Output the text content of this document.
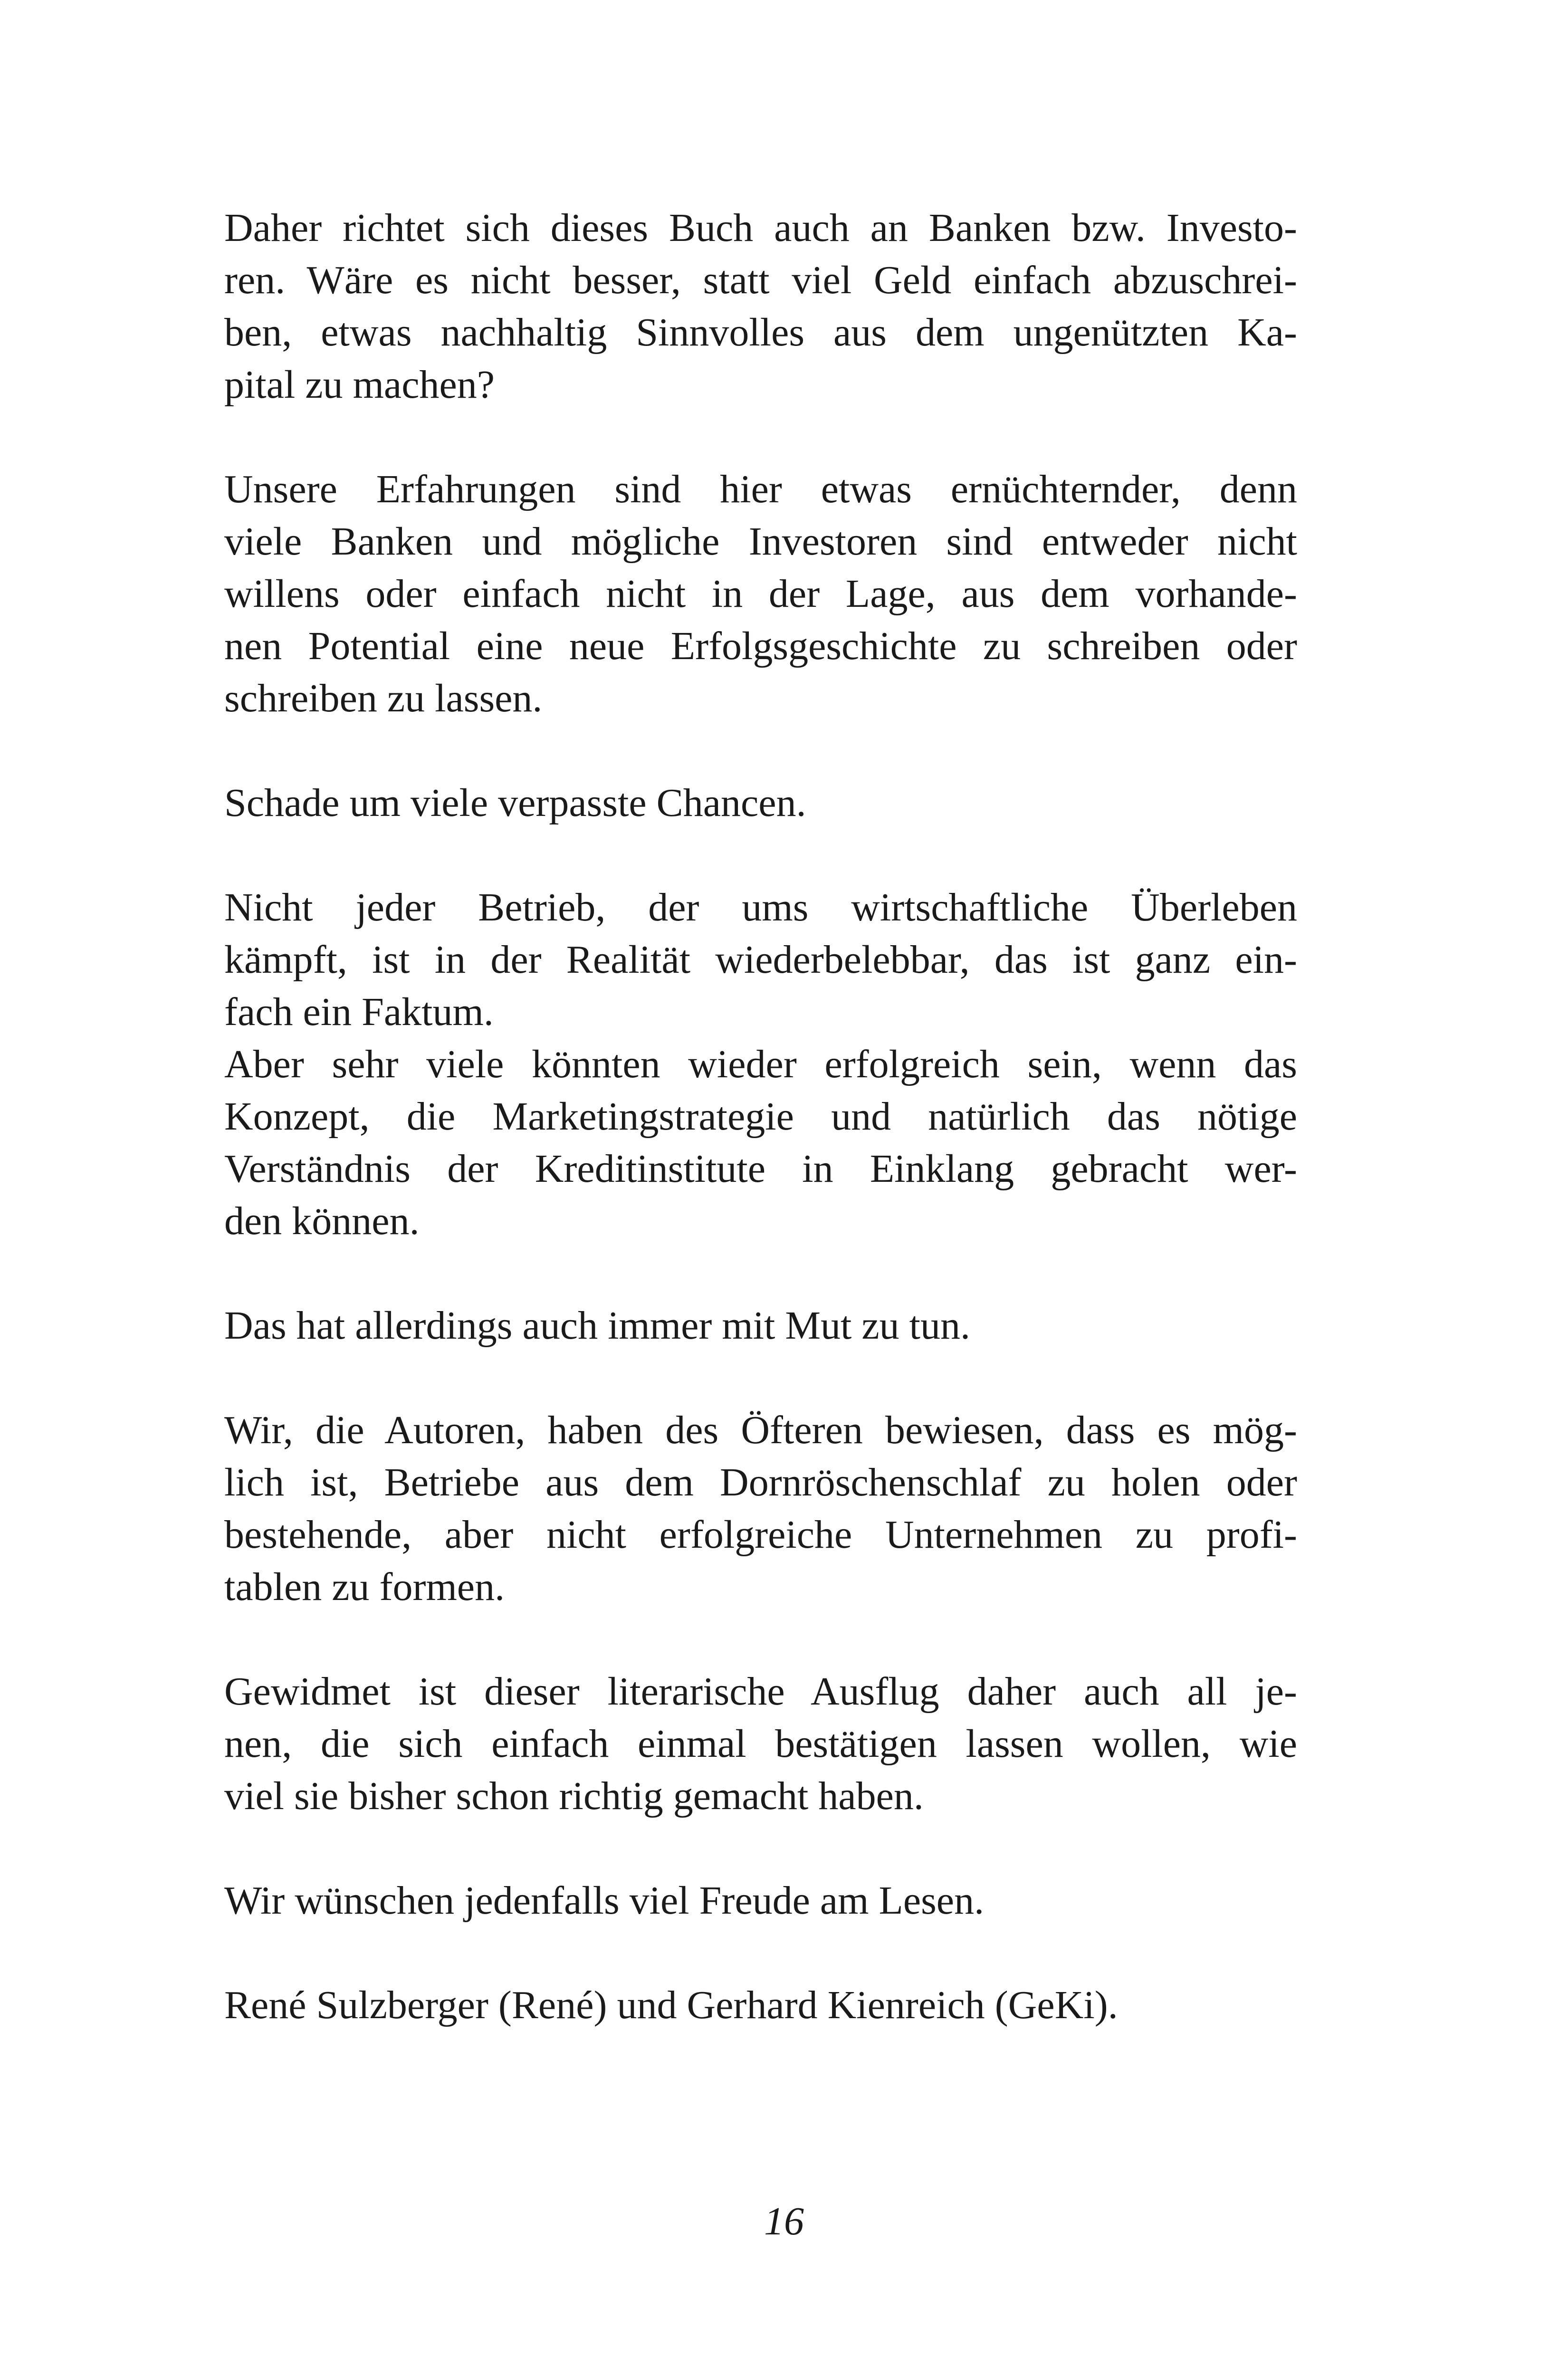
Daher richtet sich dieses Buch auch an Banken bzw. Investo-
ren. Wäre es nicht besser, statt viel Geld einfach abzuschrei-
ben, etwas nachhaltig Sinnvolles aus dem ungenützten Ka-
pital zu machen?
Unsere Erfahrungen sind hier etwas ernüchternder, denn
viele Banken und mögliche Investoren sind entweder nicht
willens oder einfach nicht in der Lage, aus dem vorhande-
nen Potential eine neue Erfolgsgeschichte zu schreiben oder
schreiben zu lassen.
Schade um viele verpasste Chancen.
Nicht jeder Betrieb, der ums wirtschaftliche Überleben
kämpft, ist in der Realität wiederbelebbar, das ist ganz ein-
fach ein Faktum.
Aber sehr viele könnten wieder erfolgreich sein, wenn das
Konzept, die Marketingstrategie und natürlich das nötige
Verständnis der Kreditinstitute in Einklang gebracht wer-
den können.
Das hat allerdings auch immer mit Mut zu tun.
Wir, die Autoren, haben des Öfteren bewiesen, dass es mög-
lich ist, Betriebe aus dem Dornröschenschlaf zu holen oder
bestehende, aber nicht erfolgreiche Unternehmen zu profi-
tablen zu formen.
Gewidmet ist dieser literarische Ausflug daher auch all je-
nen, die sich einfach einmal bestätigen lassen wollen, wie
viel sie bisher schon richtig gemacht haben.
Wir wünschen jedenfalls viel Freude am Lesen.
René Sulzberger (René) und Gerhard Kienreich (GeKi).
16
